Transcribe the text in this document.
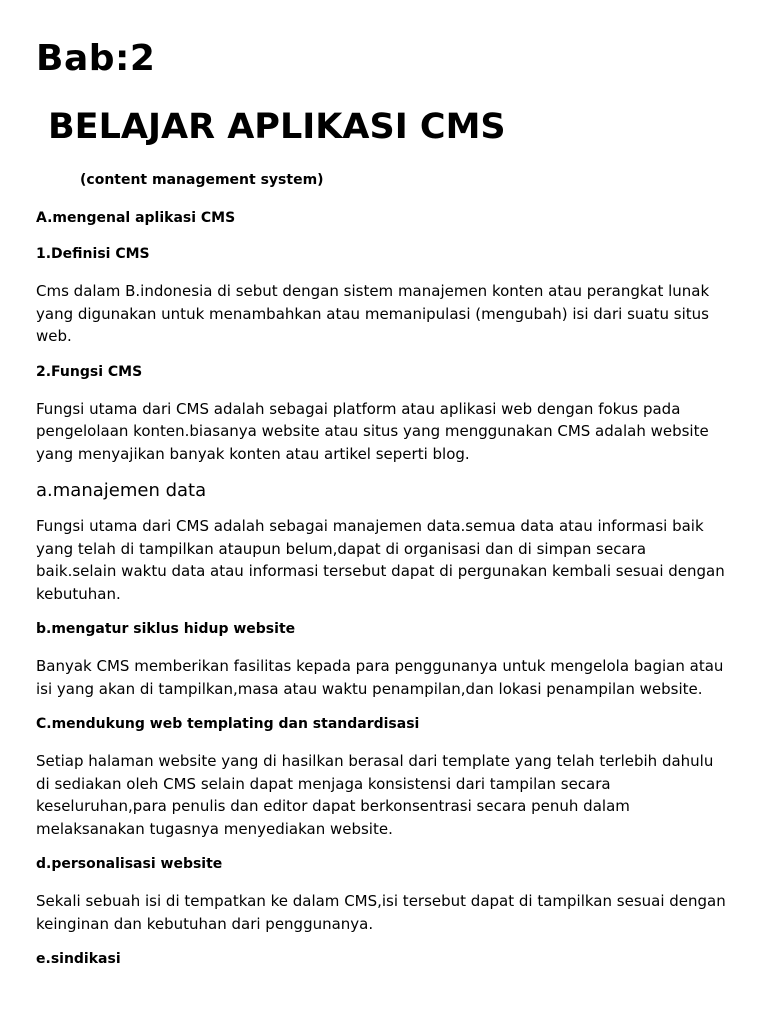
Bab:2
BELAJAR APLIKASI CMS
(content management system)
A.mengenal aplikasi CMS
1.Definisi CMS

Cms dalam B.indonesia di sebut dengan sistem manajemen konten atau perangkat lunak yang digunakan untuk menambahkan atau memanipulasi (mengubah) isi dari suatu situs web.

2.Fungsi CMS

Fungsi utama dari CMS adalah sebagai platform atau aplikasi web dengan fokus pada pengelolaan konten.biasanya website atau situs yang menggunakan CMS adalah website yang menyajikan banyak konten atau artikel seperti blog.

a.manajemen data

Fungsi utama dari CMS adalah sebagai manajemen data.semua data atau informasi baik yang telah di tampilkan ataupun belum,dapat di organisasi dan di simpan secara baik.selain waktu data atau informasi tersebut dapat di pergunakan kembali sesuai dengan kebutuhan.

b.mengatur siklus hidup website

Banyak CMS memberikan fasilitas kepada para penggunanya untuk mengelola bagian atau isi yang akan di tampilkan,masa atau waktu penampilan,dan lokasi penampilan website.

C.mendukung web templating dan standardisasi

Setiap halaman website yang di hasilkan berasal dari template yang telah terlebih dahulu di sediakan oleh CMS selain dapat menjaga konsistensi dari tampilan secara keseluruhan,para penulis dan editor dapat berkonsentrasi secara penuh dalam melaksanakan tugasnya menyediakan website.

d.personalisasi website

Sekali sebuah isi di tempatkan ke dalam CMS,isi tersebut dapat di tampilkan sesuai dengan keinginan dan kebutuhan dari penggunanya.

e.sindikasi
